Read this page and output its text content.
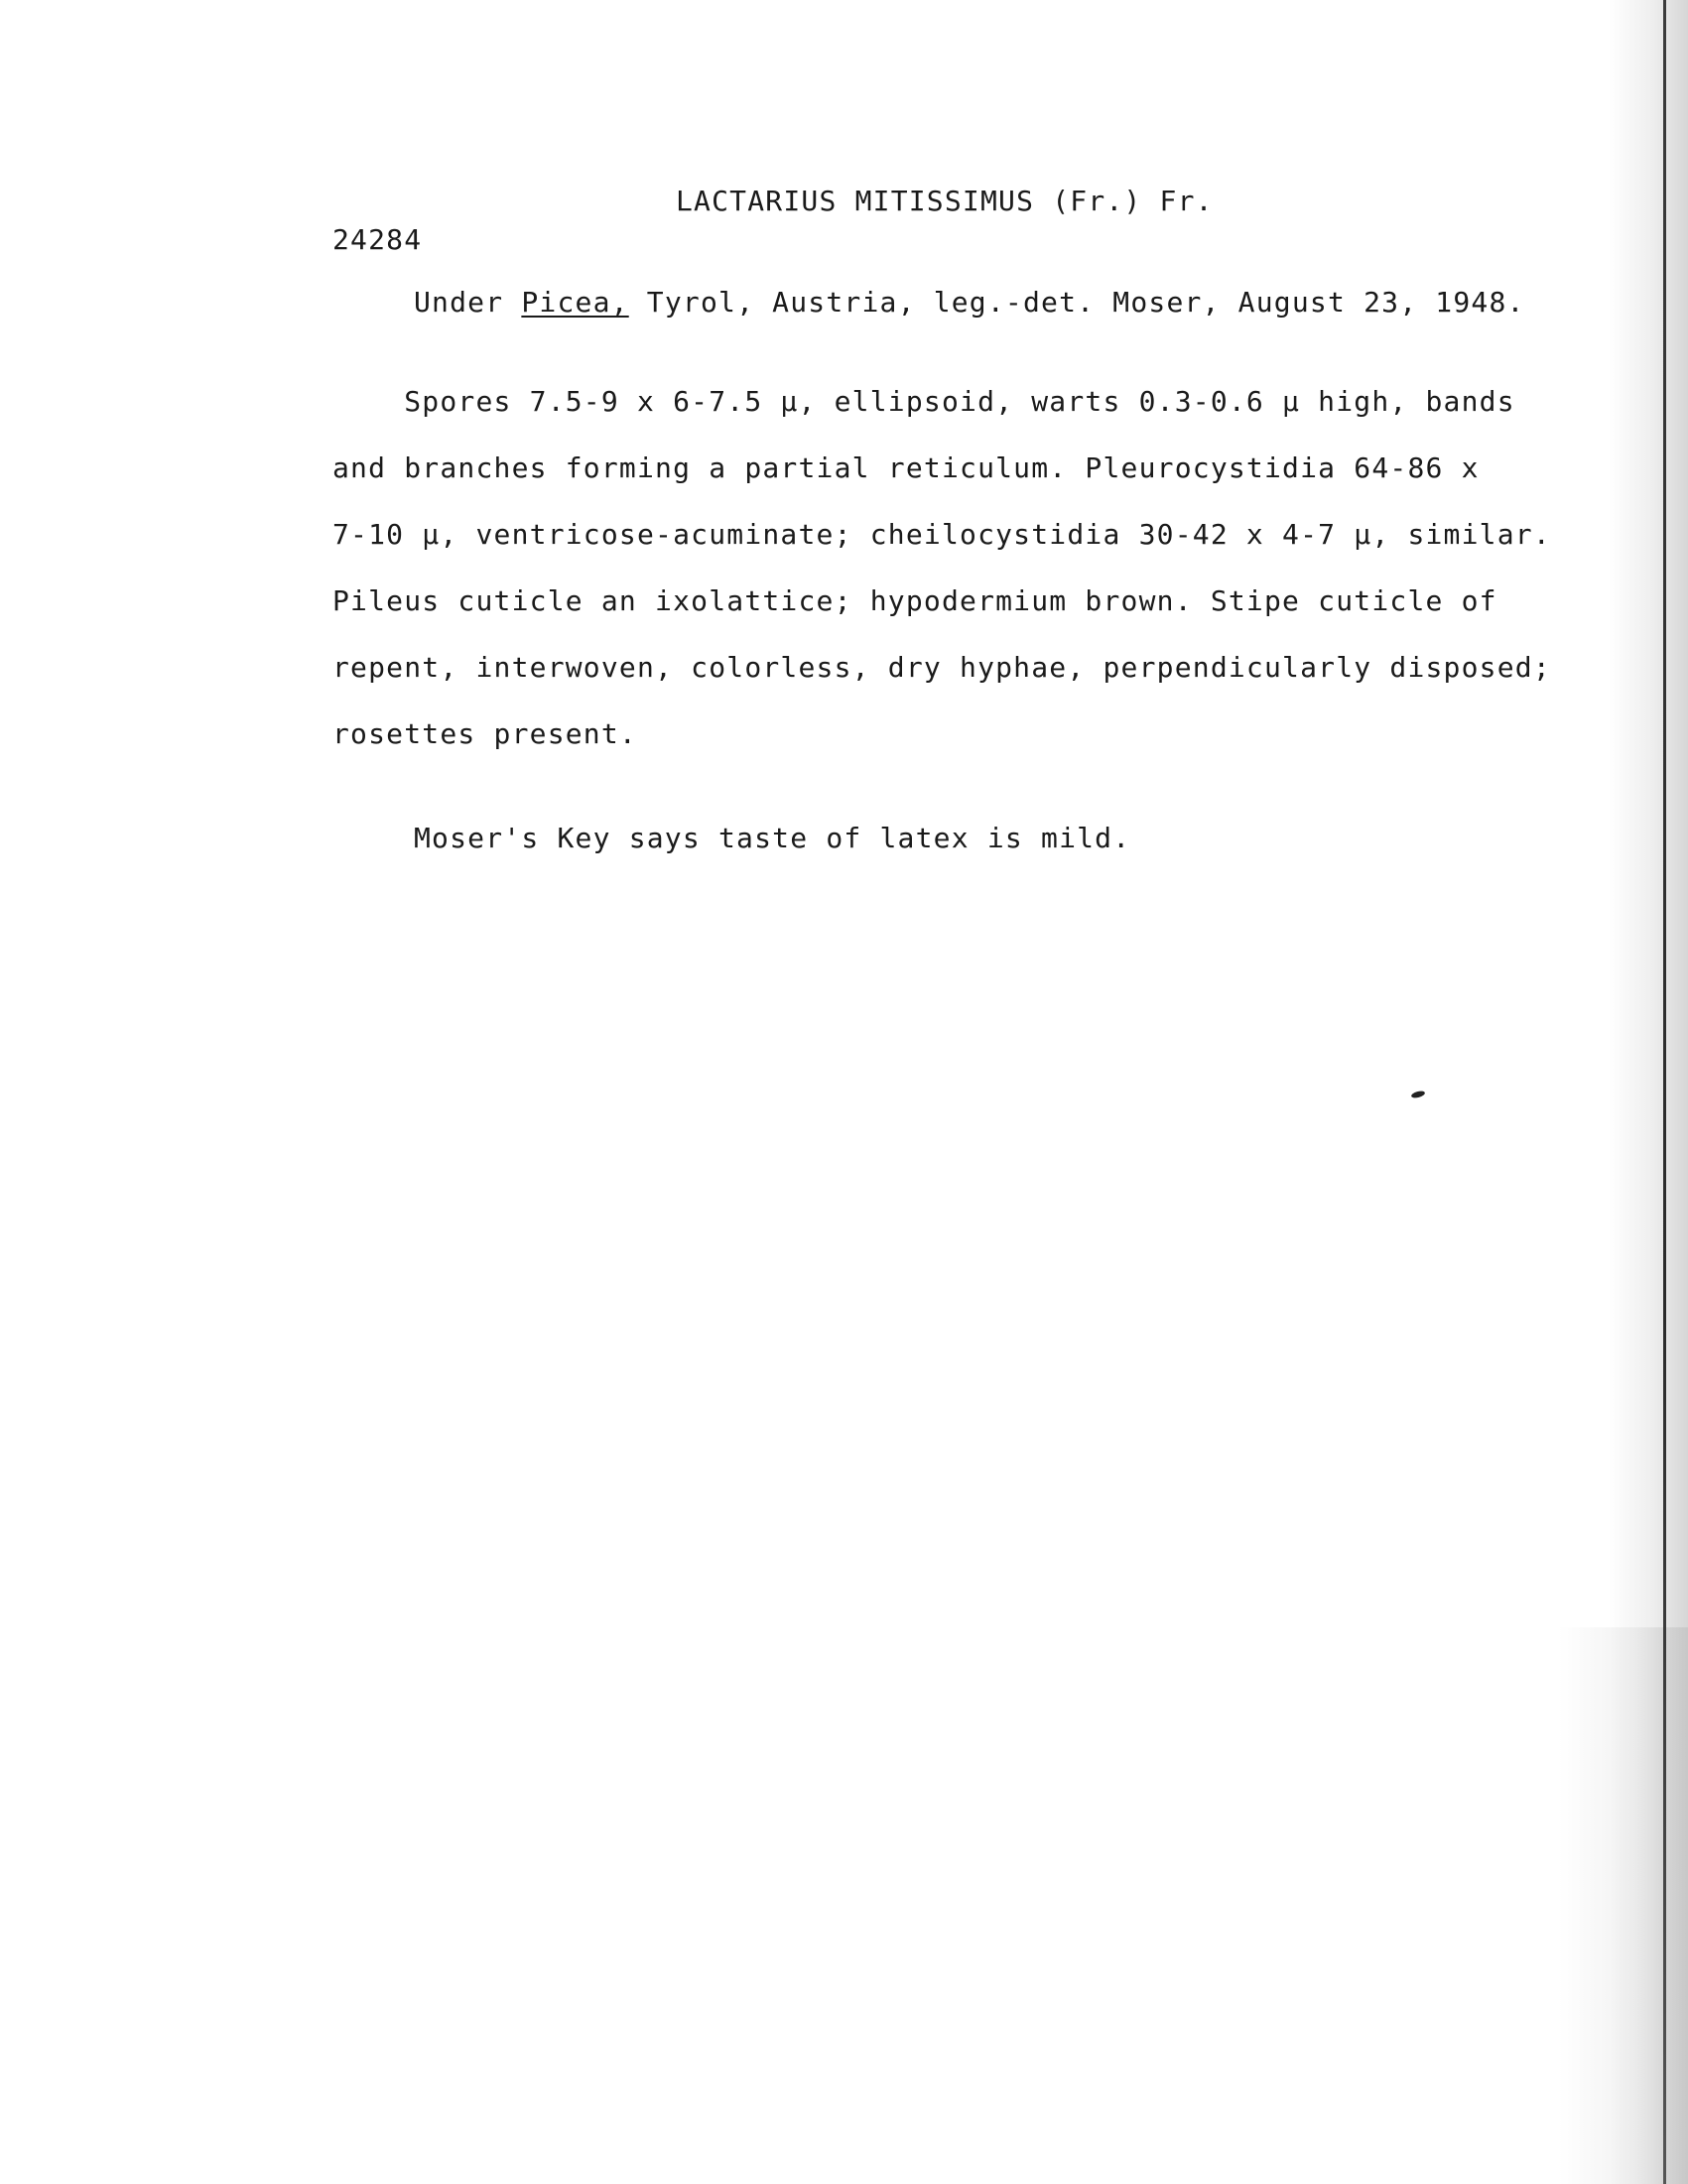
LACTARIUS MITISSIMUS (Fr.) Fr.
24284
Under Picea, Tyrol, Austria, leg.-det. Moser, August 23, 1948.
Spores 7.5-9 x 6-7.5 µ, ellipsoid, warts 0.3-0.6 µ high, bands
and branches forming a partial reticulum. Pleurocystidia 64-86 x
7-10 µ, ventricose-acuminate; cheilocystidia 30-42 x 4-7 µ, similar.
Pileus cuticle an ixolattice; hypodermium brown. Stipe cuticle of
repent, interwoven, colorless, dry hyphae, perpendicularly disposed;
rosettes present.
Moser's Key says taste of latex is mild.
